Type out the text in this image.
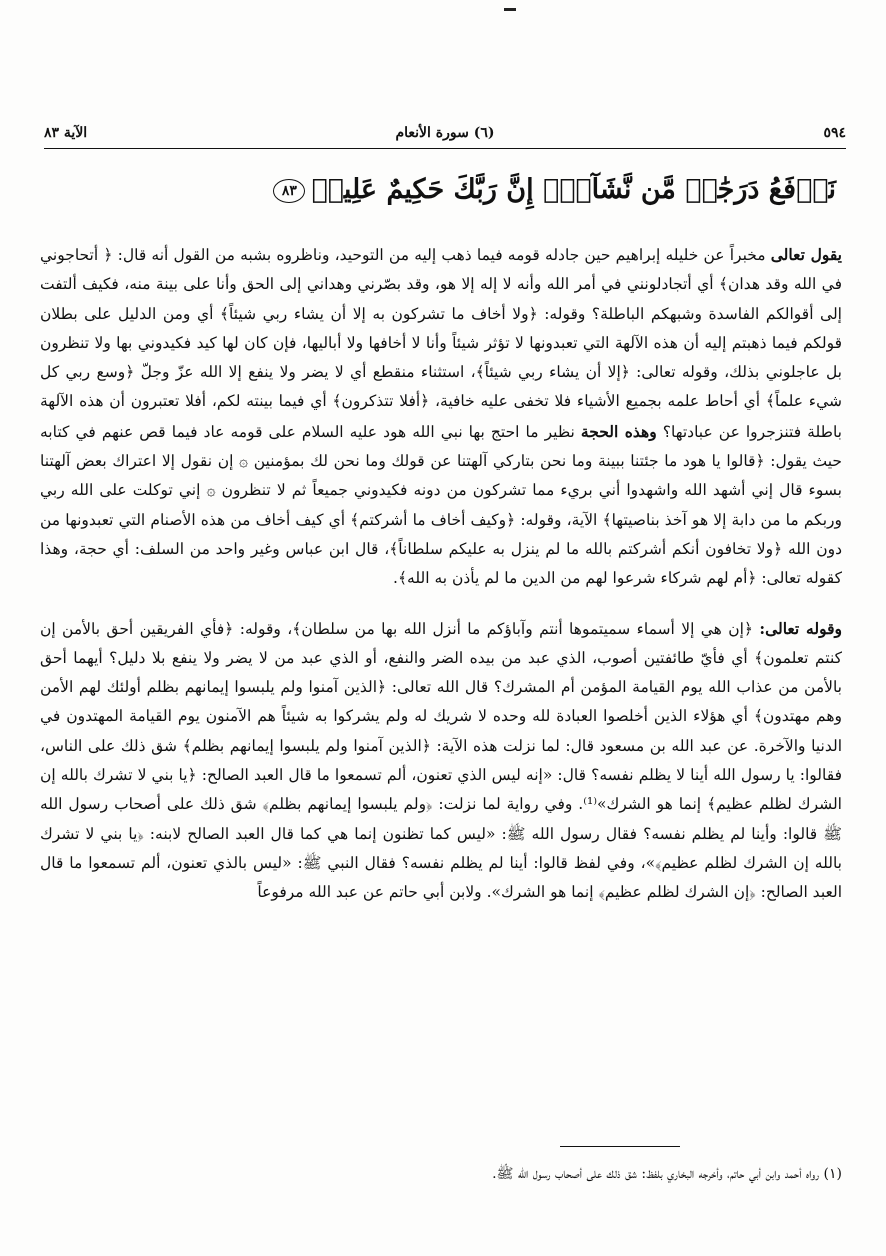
٥٩٤
(٦) سورة الأنعام
الآية ٨٣
نَرۡفَعُ دَرَجَٰتٖ مَّن نَّشَآءُۗ إِنَّ رَبَّكَ حَكِيمٌ عَلِيمٞ٨٣

يقول تعالى مخبراً عن خليله إبراهيم حين جادله قومه فيما ذهب إليه من التوحيد، وناظروه بشبه من القول أنه قال: ﴿ أتحاجوني في الله وقد هدان﴾ أي أتجادلونني في أمر الله وأنه لا إله إلا هو، وقد بصّرني وهداني إلى الحق وأنا على بينة منه، فكيف ألتفت إلى أقوالكم الفاسدة وشبهكم الباطلة؟ وقوله: ﴿ولا أخاف ما تشركون به إلا أن يشاء ربي شيئاً﴾ أي ومن الدليل على بطلان قولكم فيما ذهبتم إليه أن هذه الآلهة التي تعبدونها لا تؤثر شيئاً وأنا لا أخافها ولا أباليها، فإن كان لها كيد فكيدوني بها ولا تنظرون بل عاجلوني بذلك، وقوله تعالى: ﴿إلا أن يشاء ربي شيئاً﴾، استثناء منقطع أي لا يضر ولا ينفع إلا الله عزّ وجلّ ﴿وسع ربي كل شيء علماً﴾ أي أحاط علمه بجميع الأشياء فلا تخفى عليه خافية، ﴿أفلا تتذكرون﴾ أي فيما بينته لكم، أفلا تعتبرون أن هذه الآلهة باطلة فتنزجروا عن عبادتها؟ وهذه الحجة نظير ما احتج بها نبي الله هود عليه السلام على قومه عاد فيما قص عنهم في كتابه حيث يقول: ﴿قالوا يا هود ما جئتنا ببينة وما نحن بتاركي آلهتنا عن قولك وما نحن لك بمؤمنين ۞ إن نقول إلا اعتراك بعض آلهتنا بسوء قال إني أشهد الله واشهدوا أني بريء مما تشركون من دونه فكيدوني جميعاً ثم لا تنظرون ۞ إني توكلت على الله ربي وربكم ما من دابة إلا هو آخذ بناصيتها﴾ الآية، وقوله: ﴿وكيف أخاف ما أشركتم﴾ أي كيف أخاف من هذه الأصنام التي تعبدونها من دون الله ﴿ولا تخافون أنكم أشركتم بالله ما لم ينزل به عليكم سلطاناً﴾، قال ابن عباس وغير واحد من السلف: أي حجة، وهذا كقوله تعالى: ﴿أم لهم شركاء شرعوا لهم من الدين ما لم يأذن به الله﴾.

وقوله تعالى: ﴿إن هي إلا أسماء سميتموها أنتم وآباؤكم ما أنزل الله بها من سلطان﴾، وقوله: ﴿فأي الفريقين أحق بالأمن إن كنتم تعلمون﴾ أي فأيّ طائفتين أصوب، الذي عبد من بيده الضر والنفع، أو الذي عبد من لا يضر ولا ينفع بلا دليل؟ أيهما أحق بالأمن من عذاب الله يوم القيامة المؤمن أم المشرك؟ قال الله تعالى: ﴿الذين آمنوا ولم يلبسوا إيمانهم بظلم أولئك لهم الأمن وهم مهتدون﴾ أي هؤلاء الذين أخلصوا العبادة لله وحده لا شريك له ولم يشركوا به شيئاً هم الآمنون يوم القيامة المهتدون في الدنيا والآخرة. عن عبد الله بن مسعود قال: لما نزلت هذه الآية: ﴿الذين آمنوا ولم يلبسوا إيمانهم بظلم﴾ شق ذلك على الناس، فقالوا: يا رسول الله أينا لا يظلم نفسه؟ قال: «إنه ليس الذي تعنون، ألم تسمعوا ما قال العبد الصالح: ﴿يا بني لا تشرك بالله إن الشرك لظلم عظيم﴾ إنما هو الشرك»⁽¹⁾. وفي رواية لما نزلت: ﴿ولم يلبسوا إيمانهم بظلم﴾ شق ذلك على أصحاب رسول الله ﷺ قالوا: وأينا لم يظلم نفسه؟ فقال رسول الله ﷺ: «ليس كما تظنون إنما هي كما قال العبد الصالح لابنه: ﴿يا بني لا تشرك بالله إن الشرك لظلم عظيم﴾»، وفي لفظ قالوا: أينا لم يظلم نفسه؟ فقال النبي ﷺ: «ليس بالذي تعنون، ألم تسمعوا ما قال العبد الصالح: ﴿إن الشرك لظلم عظيم﴾ إنما هو الشرك». ولابن أبي حاتم عن عبد الله مرفوعاً

(١) رواه أحمد وابن أبي حاتم، وأخرجه البخاري بلفظ: شق ذلك على أصحاب رسول الله ﷺ.
